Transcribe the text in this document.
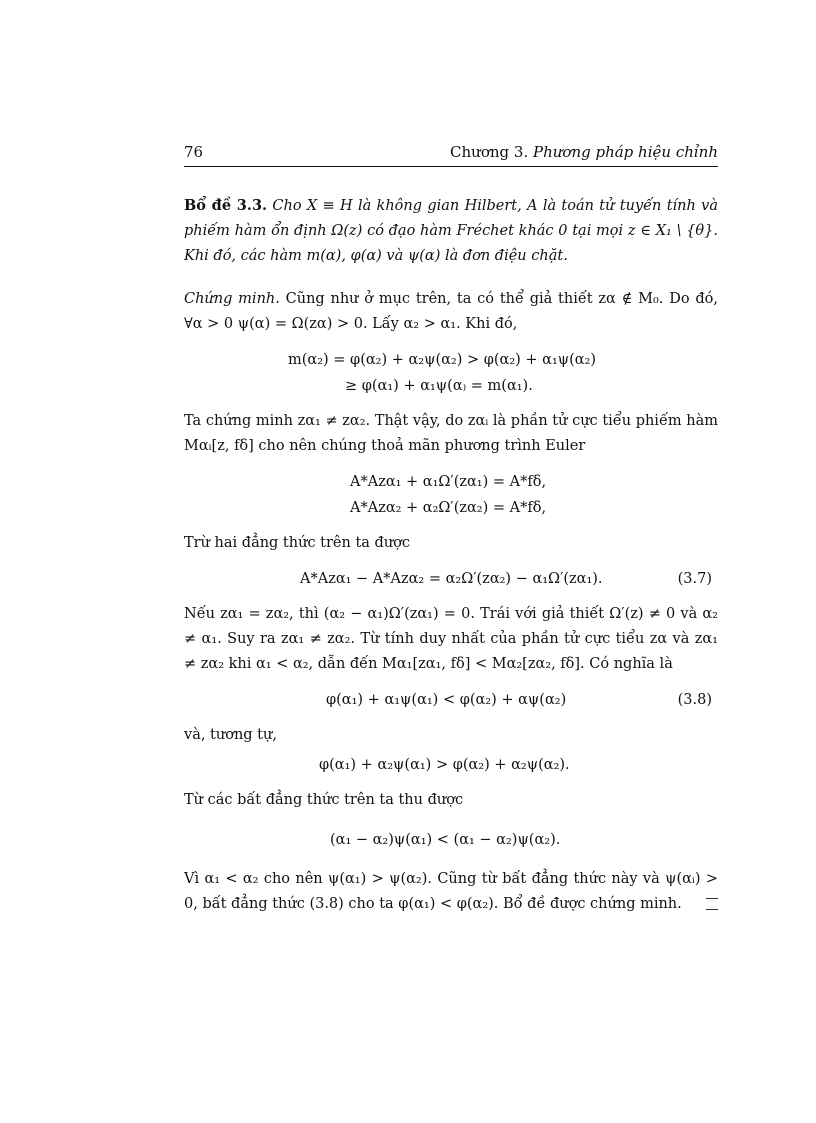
76	Chương 3. Phương pháp hiệu chỉnh

Bổ đề 3.3. Cho X ≡ H là không gian Hilbert, A là toán tử tuyến tính và phiếm hàm ổn định Ω(z) có đạo hàm Fréchet khác 0 tại mọi z ∈ X₁ \ {θ}. Khi đó, các hàm m(α), φ(α) và ψ(α) là đơn điệu chặt.

Chứng minh. Cũng như ở mục trên, ta có thể giả thiết zα ∉ M₀. Do đó, ∀α > 0 ψ(α) = Ω(zα) > 0. Lấy α₂ > α₁. Khi đó,

m(α₂) = φ(α₂) + α₂ψ(α₂) > φ(α₂) + α₁ψ(α₂)
≥ φ(α₁) + α₁ψ(α₎ = m(α₁).

Ta chứng minh zα₁ ≠ zα₂. Thật vậy, do zαᵢ là phần tử cực tiểu phiếm hàm Mαᵢ[z, fδ] cho nên chúng thoả mãn phương trình Euler

A*Azα₁ + α₁Ω′(zα₁) = A*fδ,
A*Azα₂ + α₂Ω′(zα₂) = A*fδ,

Trừ hai đẳng thức trên ta được

A*Azα₁ − A*Azα₂ = α₂Ω′(zα₂) − α₁Ω′(zα₁).	(3.7)

Nếu zα₁ = zα₂, thì (α₂ − α₁)Ω′(zα₁) = 0. Trái với giả thiết Ω′(z) ≠ 0 và α₂ ≠ α₁. Suy ra zα₁ ≠ zα₂. Từ tính duy nhất của phần tử cực tiểu zα và zα₁ ≠ zα₂ khi α₁ < α₂, dẫn đến Mα₁[zα₁, fδ] < Mα₂[zα₂, fδ]. Có nghĩa là

φ(α₁) + α₁ψ(α₁) < φ(α₂) + αψ(α₂)	(3.8)

và, tương tự,

φ(α₁) + α₂ψ(α₁) > φ(α₂) + α₂ψ(α₂).

Từ các bất đẳng thức trên ta thu được

(α₁ − α₂)ψ(α₁) < (α₁ − α₂)ψ(α₂).

Vì α₁ < α₂ cho nên ψ(α₁) > ψ(α₂). Cũng từ bất đẳng thức này và ψ(αᵢ) > 0, bất đẳng thức (3.8) cho ta φ(α₁) < φ(α₂). Bổ đề được chứng minh.
